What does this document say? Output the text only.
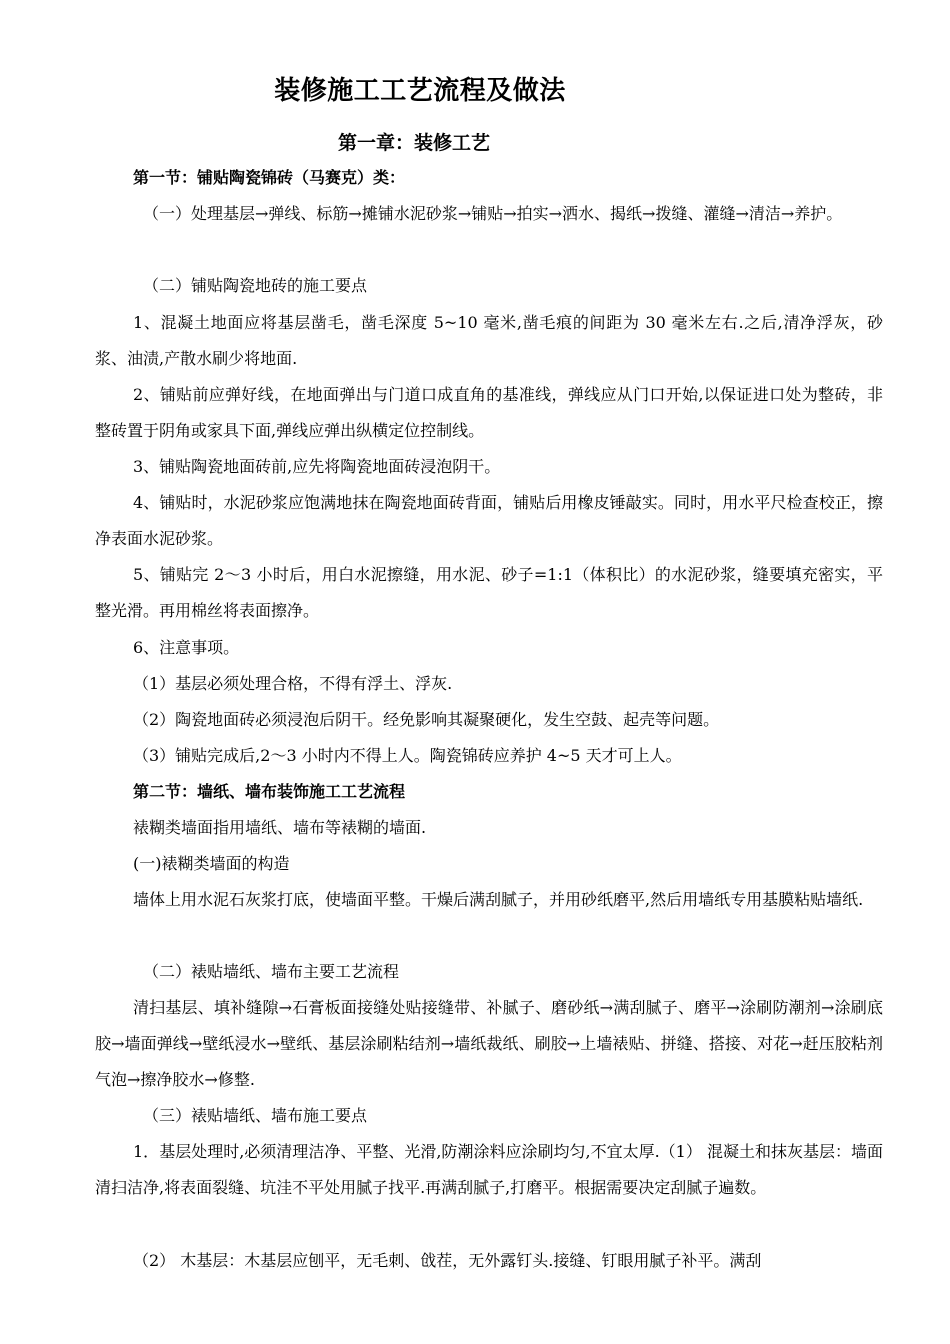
装修施工工艺流程及做法
第一章：装修工艺

第一节：铺贴陶瓷锦砖（马赛克）类：

（一）处理基层→弹线、标筋→摊铺水泥砂浆→铺贴→拍实→洒水、揭纸→拨缝、灌缝→清洁→养护。

（二）铺贴陶瓷地砖的施工要点

1、混凝土地面应将基层凿毛，凿毛深度 5~10 毫米,凿毛痕的间距为 30 毫米左右.之后,清净浮灰，砂浆、油渍,产散水刷少将地面.

2、铺贴前应弹好线，在地面弹出与门道口成直角的基准线，弹线应从门口开始,以保证进口处为整砖，非整砖置于阴角或家具下面,弹线应弹出纵横定位控制线。

3、铺贴陶瓷地面砖前,应先将陶瓷地面砖浸泡阴干。

4、铺贴时，水泥砂浆应饱满地抹在陶瓷地面砖背面，铺贴后用橡皮锤敲实。同时，用水平尺检查校正，擦净表面水泥砂浆。

5、铺贴完 2～3 小时后，用白水泥擦缝，用水泥、砂子=1:1（体积比）的水泥砂浆，缝要填充密实，平整光滑。再用棉丝将表面擦净。

6、注意事项。

（1）基层必须处理合格，不得有浮土、浮灰.

（2）陶瓷地面砖必须浸泡后阴干。经免影响其凝聚硬化，发生空鼓、起壳等问题。

（3）铺贴完成后,2～3 小时内不得上人。陶瓷锦砖应养护 4~5 天才可上人。

第二节：墙纸、墙布装饰施工工艺流程

裱糊类墙面指用墙纸、墙布等裱糊的墙面.

(一)裱糊类墙面的构造

墙体上用水泥石灰浆打底，使墙面平整。干燥后满刮腻子，并用砂纸磨平,然后用墙纸专用基膜粘贴墙纸.

（二）裱贴墙纸、墙布主要工艺流程

清扫基层、填补缝隙→石膏板面接缝处贴接缝带、补腻子、磨砂纸→满刮腻子、磨平→涂刷防潮剂→涂刷底胶→墙面弹线→壁纸浸水→壁纸、基层涂刷粘结剂→墙纸裁纸、刷胶→上墙裱贴、拼缝、搭接、对花→赶压胶粘剂气泡→擦净胶水→修整.

（三）裱贴墙纸、墙布施工要点

1．基层处理时,必须清理洁净、平整、光滑,防潮涂料应涂刷均匀,不宜太厚.（1） 混凝土和抹灰基层：墙面清扫洁净,将表面裂缝、坑洼不平处用腻子找平.再满刮腻子,打磨平。根据需要决定刮腻子遍数。

（2） 木基层：木基层应刨平，无毛刺、戗茬，无外露钉头.接缝、钉眼用腻子补平。满刮
